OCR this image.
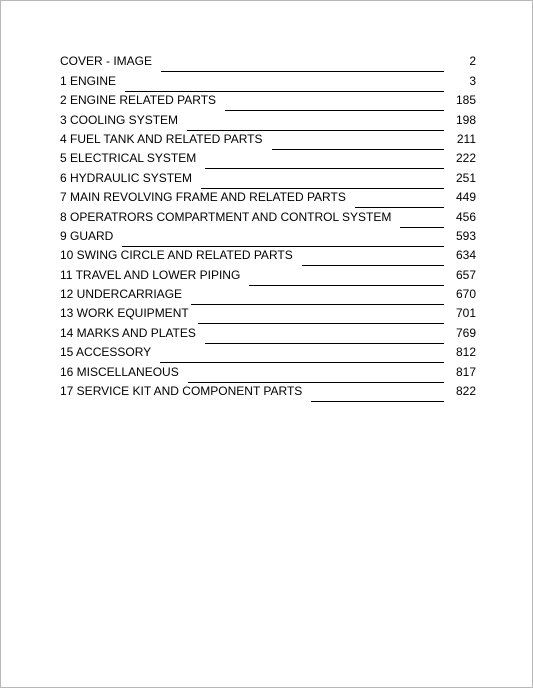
COVER - IMAGE	2
1 ENGINE	3
2 ENGINE RELATED PARTS	185
3 COOLING SYSTEM	198
4 FUEL TANK AND RELATED PARTS	211
5 ELECTRICAL SYSTEM	222
6 HYDRAULIC SYSTEM	251
7 MAIN REVOLVING FRAME AND RELATED PARTS	449
8 OPERATRORS COMPARTMENT AND CONTROL SYSTEM	456
9 GUARD	593
10 SWING CIRCLE AND RELATED PARTS	634
11 TRAVEL AND LOWER PIPING	657
12 UNDERCARRIAGE	670
13 WORK EQUIPMENT	701
14 MARKS AND PLATES	769
15 ACCESSORY	812
16 MISCELLANEOUS	817
17 SERVICE KIT AND COMPONENT PARTS	822
